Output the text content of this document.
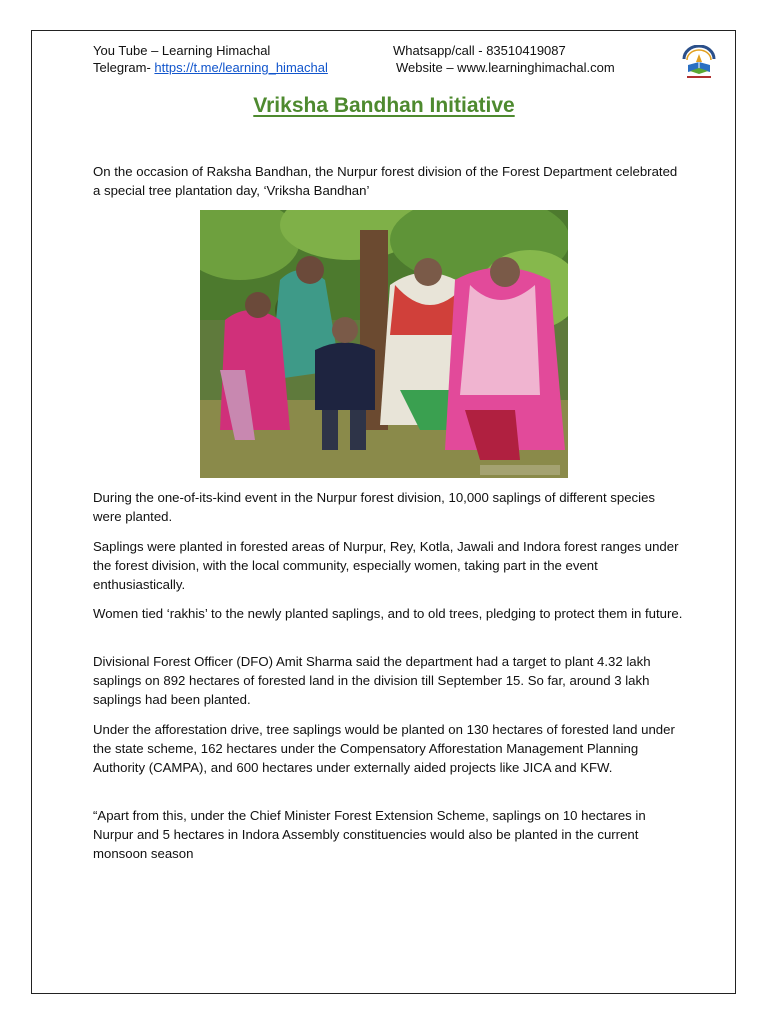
You Tube – Learning Himachal	Whatsapp/call - 83510419087
Telegram- https://t.me/learning_himachal	Website – www.learninghimachal.com
Vriksha Bandhan Initiative

On the occasion of Raksha Bandhan, the Nurpur forest division of the Forest Department celebrated a special tree plantation day, ‘Vriksha Bandhan’

During the one-of-its-kind event in the Nurpur forest division, 10,000 saplings of different species were planted.

Saplings were planted in forested areas of Nurpur, Rey, Kotla, Jawali and Indora forest ranges under the forest division, with the local community, especially women, taking part in the event enthusiastically.

Women tied ‘rakhis’ to the newly planted saplings, and to old trees, pledging to protect them in future.

Divisional Forest Officer (DFO) Amit Sharma said the department had a target to plant 4.32 lakh saplings on 892 hectares of forested land in the division till September 15. So far, around 3 lakh saplings had been planted.

Under the afforestation drive, tree saplings would be planted on 130 hectares of forested land under the state scheme, 162 hectares under the Compensatory Afforestation Management Planning Authority (CAMPA), and 600 hectares under externally aided projects like JICA and KFW.

“Apart from this, under the Chief Minister Forest Extension Scheme, saplings on 10 hectares in Nurpur and 5 hectares in Indora Assembly constituencies would also be planted in the current monsoon season
